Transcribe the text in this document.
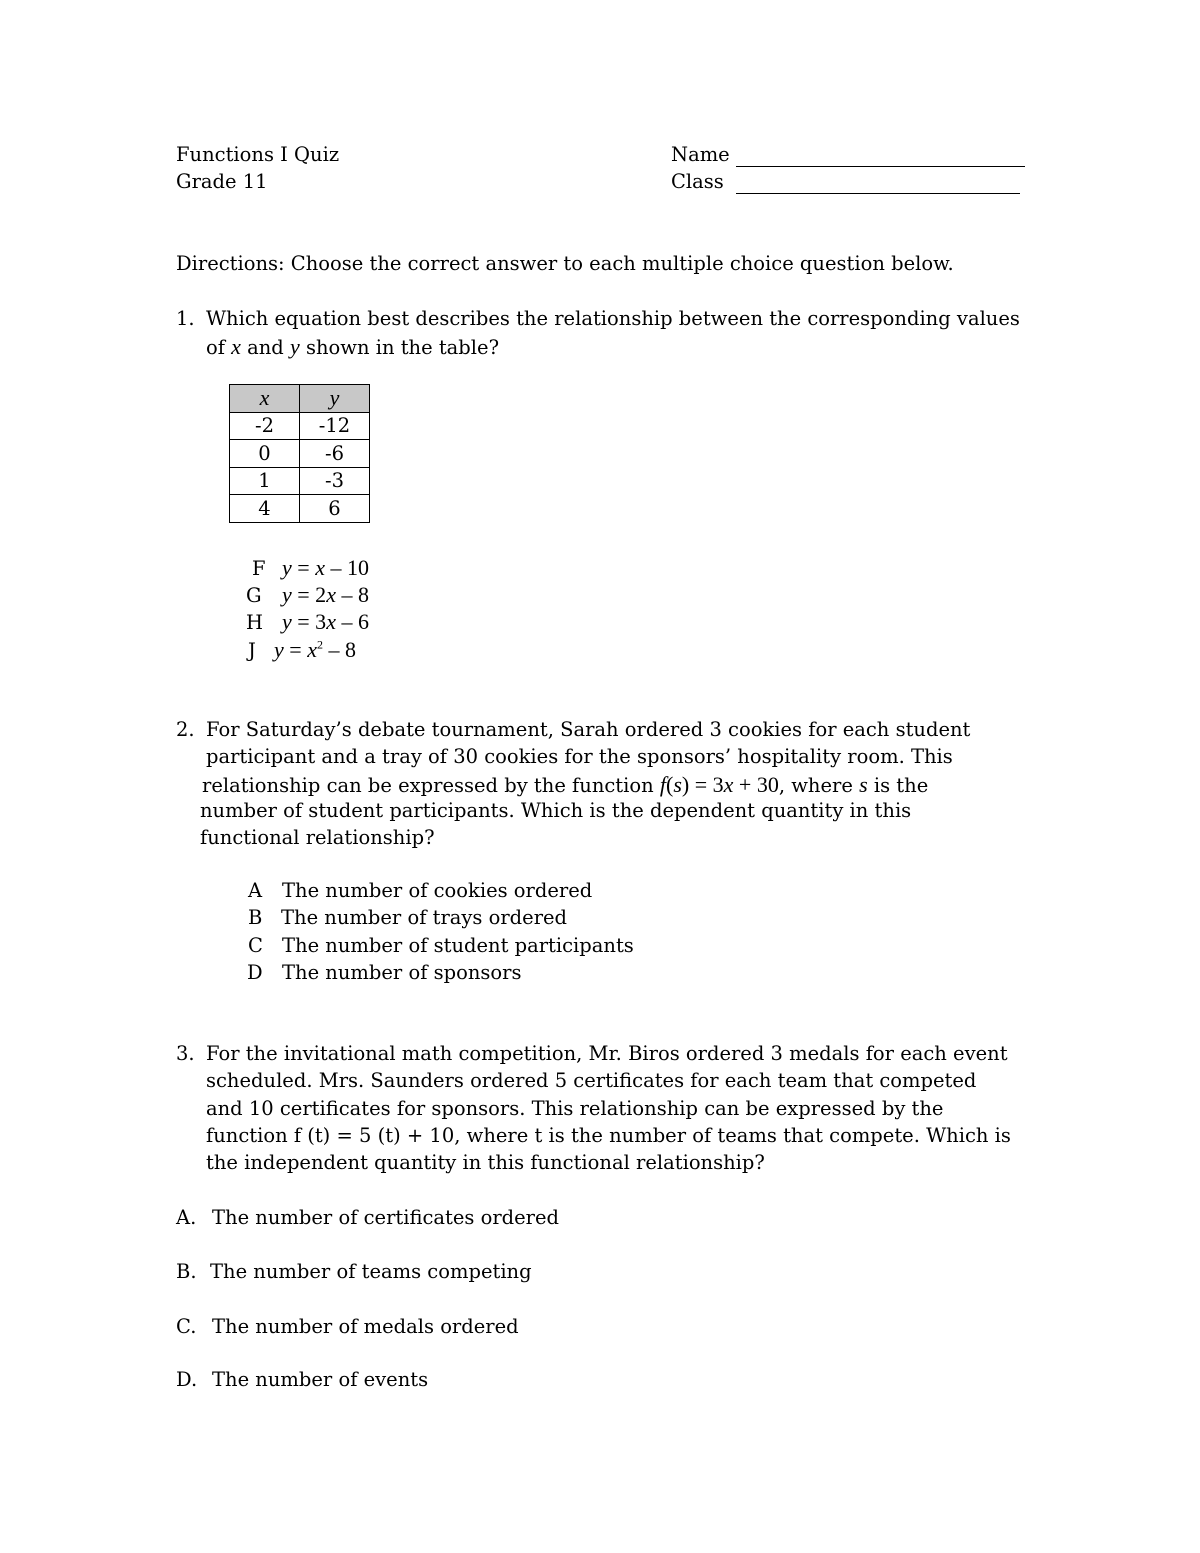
Functions I Quiz
Grade 11
Name
Class
Directions: Choose the correct answer to each multiple choice question below.
1. Which equation best describes the relationship between the corresponding values
of x and y shown in the table?
x	y
-2	-12
0	-6
1	-3
4	6
F y = x – 10
G y = 2x – 8
H y = 3x – 6
J $y = x^2 - 8$
2. For Saturday’s debate tournament, Sarah ordered 3 cookies for each student
participant and a tray of 30 cookies for the sponsors’ hospitality room. This
relationship can be expressed by the function f(s) = 3x + 30, where s is the
number of student participants. Which is the dependent quantity in this
functional relationship?
A The number of cookies ordered
B The number of trays ordered
C The number of student participants
D The number of sponsors
3. For the invitational math competition, Mr. Biros ordered 3 medals for each event
scheduled. Mrs. Saunders ordered 5 certificates for each team that competed
and 10 certificates for sponsors. This relationship can be expressed by the
function f (t) = 5 (t) + 10, where t is the number of teams that compete. Which is
the independent quantity in this functional relationship?
A. The number of certificates ordered
B. The number of teams competing
C. The number of medals ordered
D. The number of events
